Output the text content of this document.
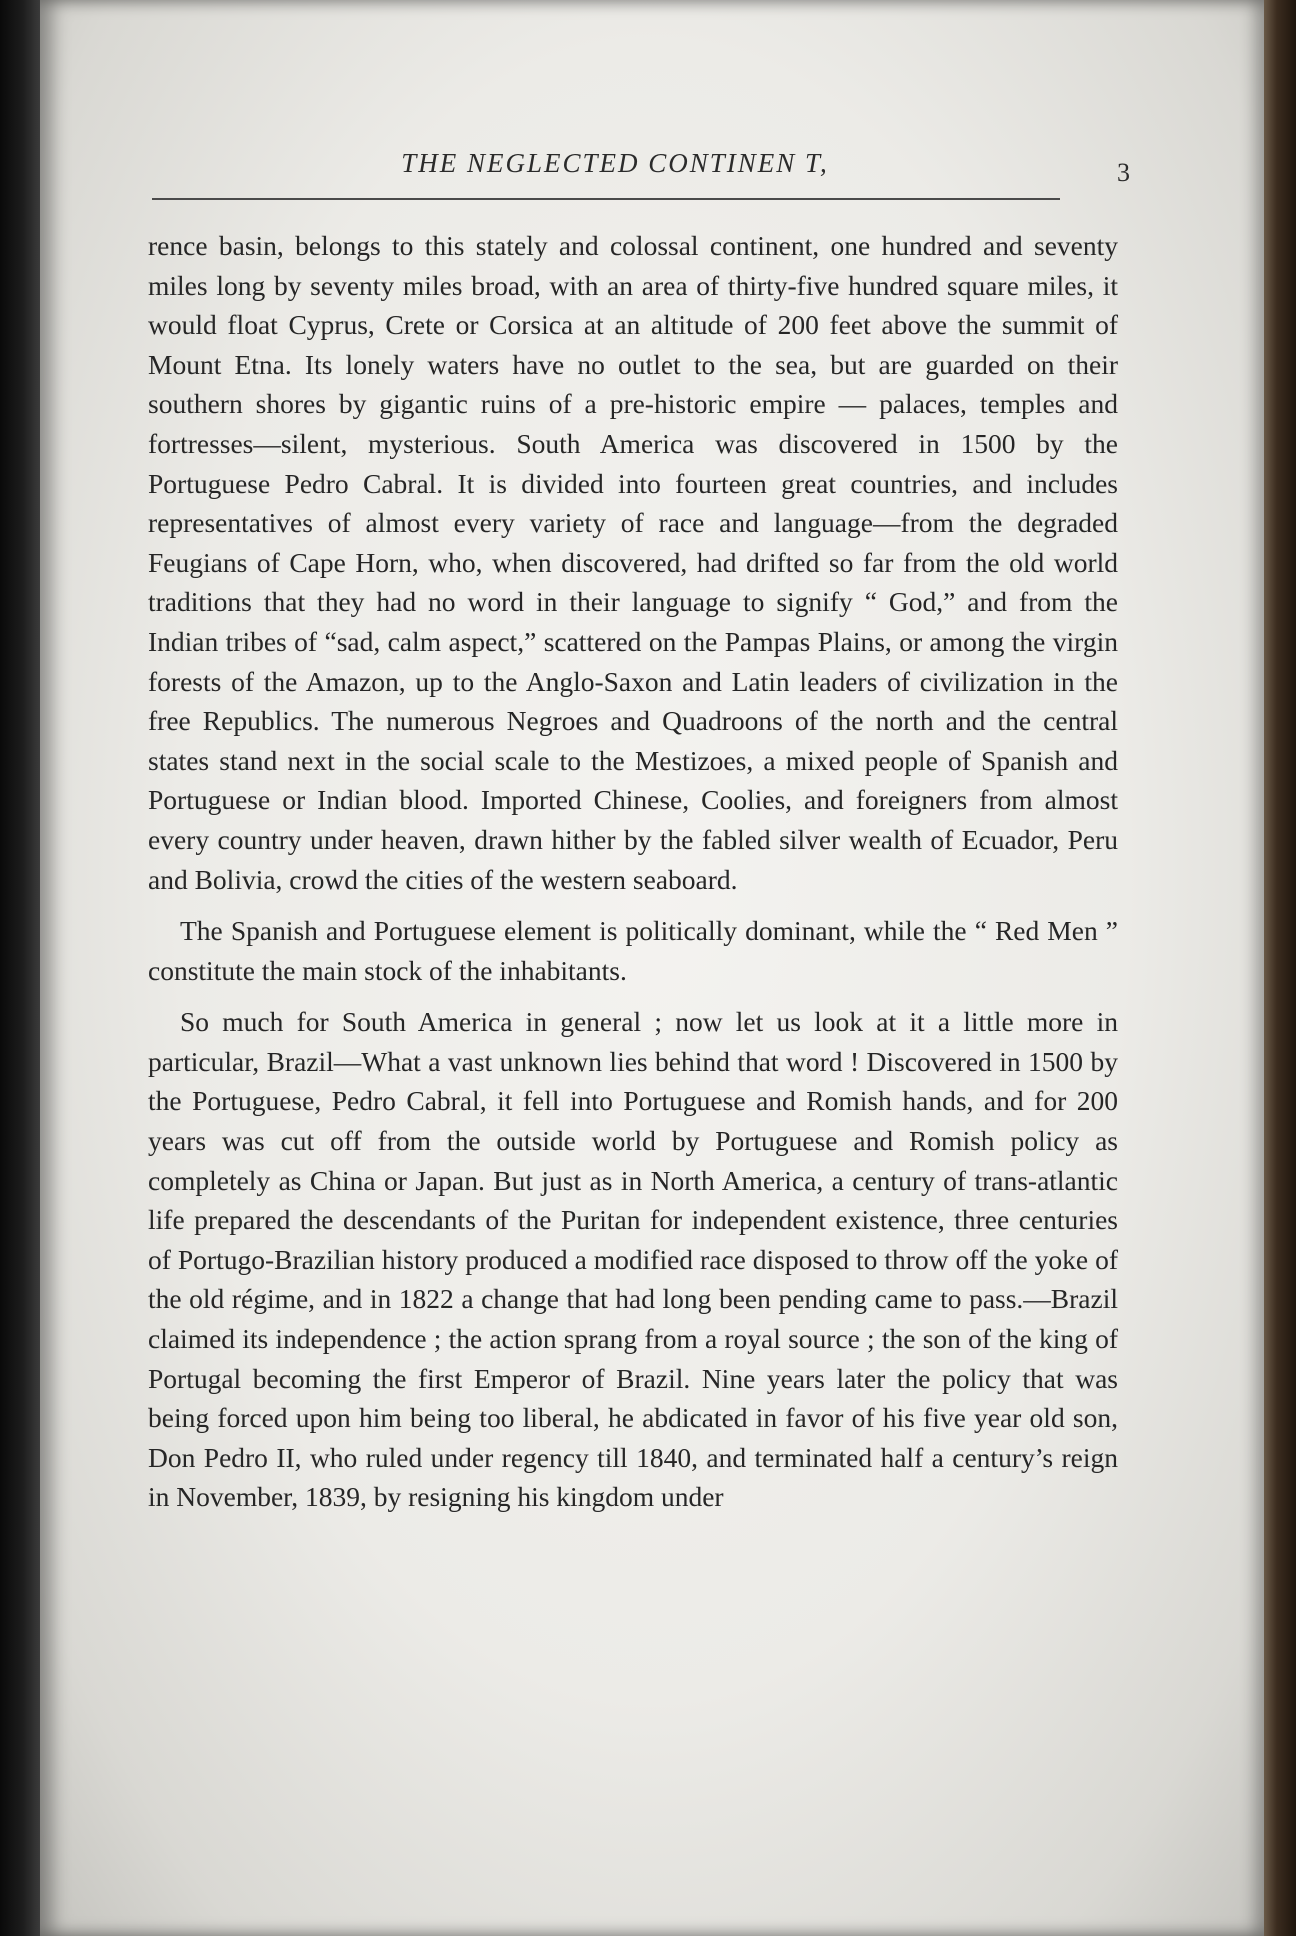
THE NEGLECTED CONTINEN T,	3

rence basin, belongs to this stately and colossal continent, one hundred and seventy miles long by seventy miles broad, with an area of thirty-five hundred square miles, it would float Cyprus, Crete or Corsica at an altitude of 200 feet above the summit of Mount Etna. Its lonely waters have no outlet to the sea, but are guarded on their southern shores by gigantic ruins of a pre-historic empire — palaces, temples and fortresses—silent, mysterious. South America was discovered in 1500 by the Portuguese Pedro Cabral. It is divided into fourteen great countries, and includes representatives of almost every variety of race and language—from the degraded Feugians of Cape Horn, who, when discovered, had drifted so far from the old world traditions that they had no word in their language to signify “ God,” and from the Indian tribes of “sad, calm aspect,” scattered on the Pampas Plains, or among the virgin forests of the Amazon, up to the Anglo-Saxon and Latin leaders of civilization in the free Republics. The numerous Negroes and Quadroons of the north and the central states stand next in the social scale to the Mestizoes, a mixed people of Spanish and Portuguese or Indian blood. Imported Chinese, Coolies, and foreigners from almost every country under heaven, drawn hither by the fabled silver wealth of Ecuador, Peru and Bolivia, crowd the cities of the western seaboard.

The Spanish and Portuguese element is politically dominant, while the “ Red Men ” constitute the main stock of the inhabitants.

So much for South America in general ; now let us look at it a little more in particular, Brazil—What a vast unknown lies behind that word ! Discovered in 1500 by the Portuguese, Pedro Cabral, it fell into Portuguese and Romish hands, and for 200 years was cut off from the outside world by Portuguese and Romish policy as completely as China or Japan. But just as in North America, a century of trans-atlantic life prepared the descendants of the Puritan for independent existence, three centuries of Portugo-Brazilian history produced a modified race disposed to throw off the yoke of the old régime, and in 1822 a change that had long been pending came to pass.—Brazil claimed its independence ; the action sprang from a royal source ; the son of the king of Portugal becoming the first Emperor of Brazil. Nine years later the policy that was being forced upon him being too liberal, he abdicated in favor of his five year old son, Don Pedro II, who ruled under regency till 1840, and terminated half a century’s reign in November, 1839, by resigning his kingdom under
